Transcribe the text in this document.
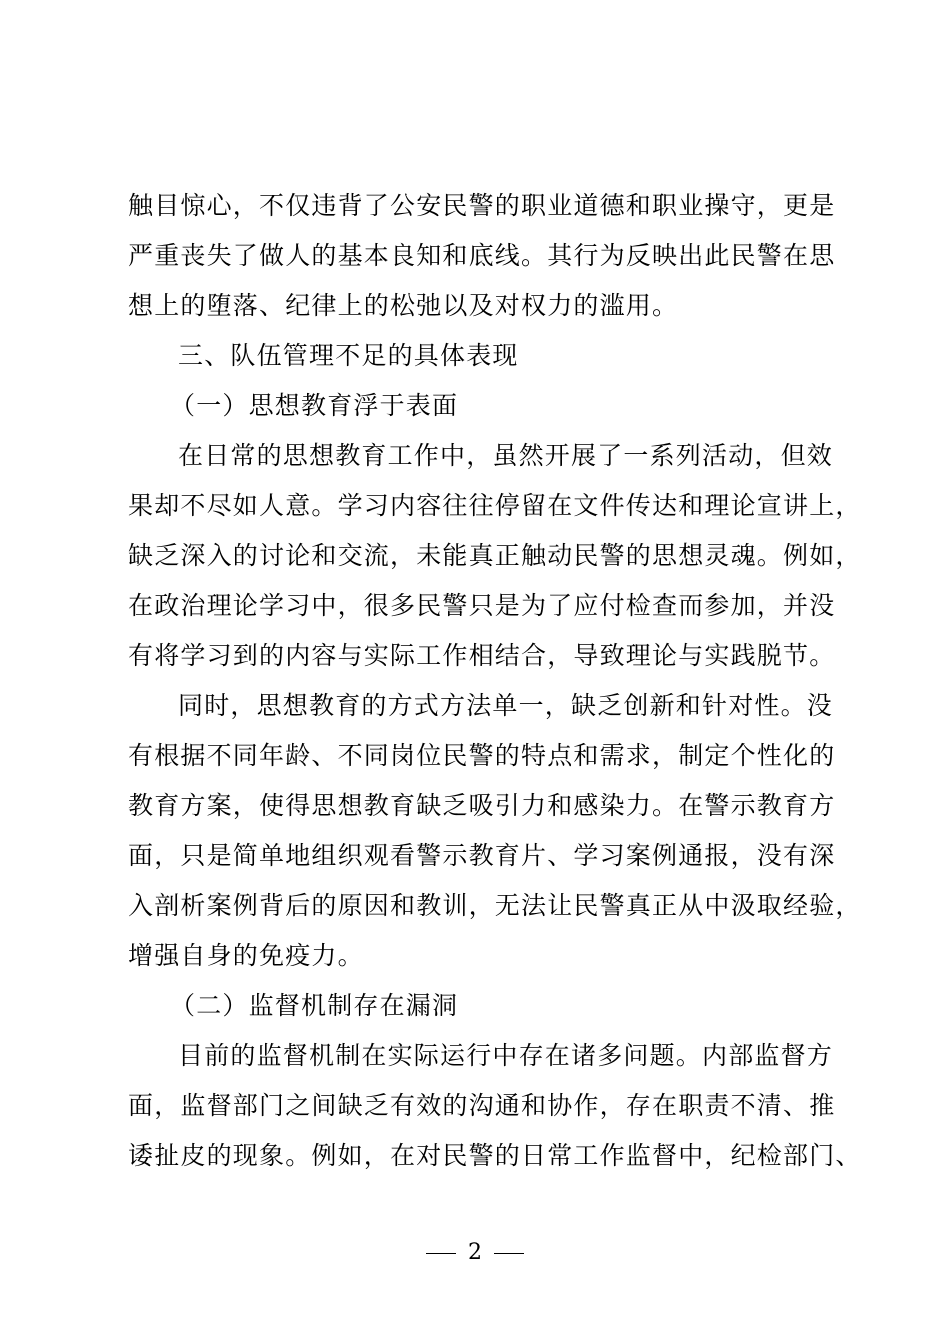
触目惊心，不仅违背了公安民警的职业道德和职业操守，更是
严重丧失了做人的基本良知和底线。其行为反映出此民警在思
想上的堕落、纪律上的松弛以及对权力的滥用。
三、队伍管理不足的具体表现
（一）思想教育浮于表面
在日常的思想教育工作中，虽然开展了一系列活动，但效
果却不尽如人意。学习内容往往停留在文件传达和理论宣讲上，
缺乏深入的讨论和交流，未能真正触动民警的思想灵魂。例如，
在政治理论学习中，很多民警只是为了应付检查而参加，并没
有将学习到的内容与实际工作相结合，导致理论与实践脱节。
同时，思想教育的方式方法单一，缺乏创新和针对性。没
有根据不同年龄、不同岗位民警的特点和需求，制定个性化的
教育方案，使得思想教育缺乏吸引力和感染力。在警示教育方
面，只是简单地组织观看警示教育片、学习案例通报，没有深
入剖析案例背后的原因和教训，无法让民警真正从中汲取经验，
增强自身的免疫力。
（二）监督机制存在漏洞
目前的监督机制在实际运行中存在诸多问题。内部监督方
面，监督部门之间缺乏有效的沟通和协作，存在职责不清、推
诿扯皮的现象。例如，在对民警的日常工作监督中，纪检部门、
2
